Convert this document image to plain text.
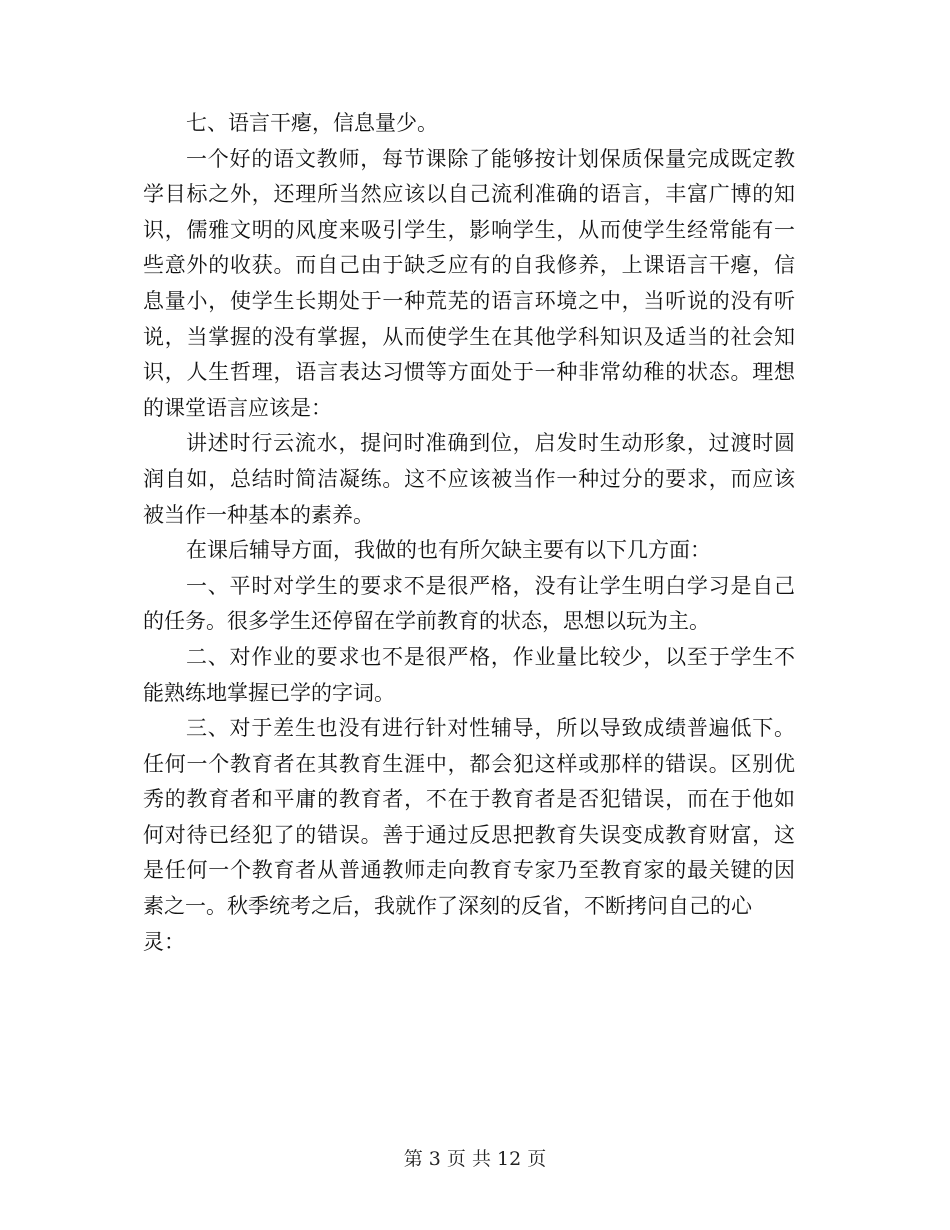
七、语言干瘪，信息量少。
一个好的语文教师，每节课除了能够按计划保质保量完成既定教
学目标之外，还理所当然应该以自己流利准确的语言，丰富广博的知
识，儒雅文明的风度来吸引学生，影响学生，从而使学生经常能有一
些意外的收获。而自己由于缺乏应有的自我修养，上课语言干瘪，信
息量小，使学生长期处于一种荒芜的语言环境之中，当听说的没有听
说，当掌握的没有掌握，从而使学生在其他学科知识及适当的社会知
识，人生哲理，语言表达习惯等方面处于一种非常幼稚的状态。理想
的课堂语言应该是：
讲述时行云流水，提问时准确到位，启发时生动形象，过渡时圆
润自如，总结时简洁凝练。这不应该被当作一种过分的要求，而应该
被当作一种基本的素养。
在课后辅导方面，我做的也有所欠缺主要有以下几方面：
一、平时对学生的要求不是很严格，没有让学生明白学习是自己
的任务。很多学生还停留在学前教育的状态，思想以玩为主。
二、对作业的要求也不是很严格，作业量比较少，以至于学生不
能熟练地掌握已学的字词。
三、对于差生也没有进行针对性辅导，所以导致成绩普遍低下。
任何一个教育者在其教育生涯中，都会犯这样或那样的错误。区别优
秀的教育者和平庸的教育者，不在于教育者是否犯错误，而在于他如
何对待已经犯了的错误。善于通过反思把教育失误变成教育财富，这
是任何一个教育者从普通教师走向教育专家乃至教育家的最关键的因
素之一。秋季统考之后，我就作了深刻的反省，不断拷问自己的心
灵：
第 3 页 共 12 页
